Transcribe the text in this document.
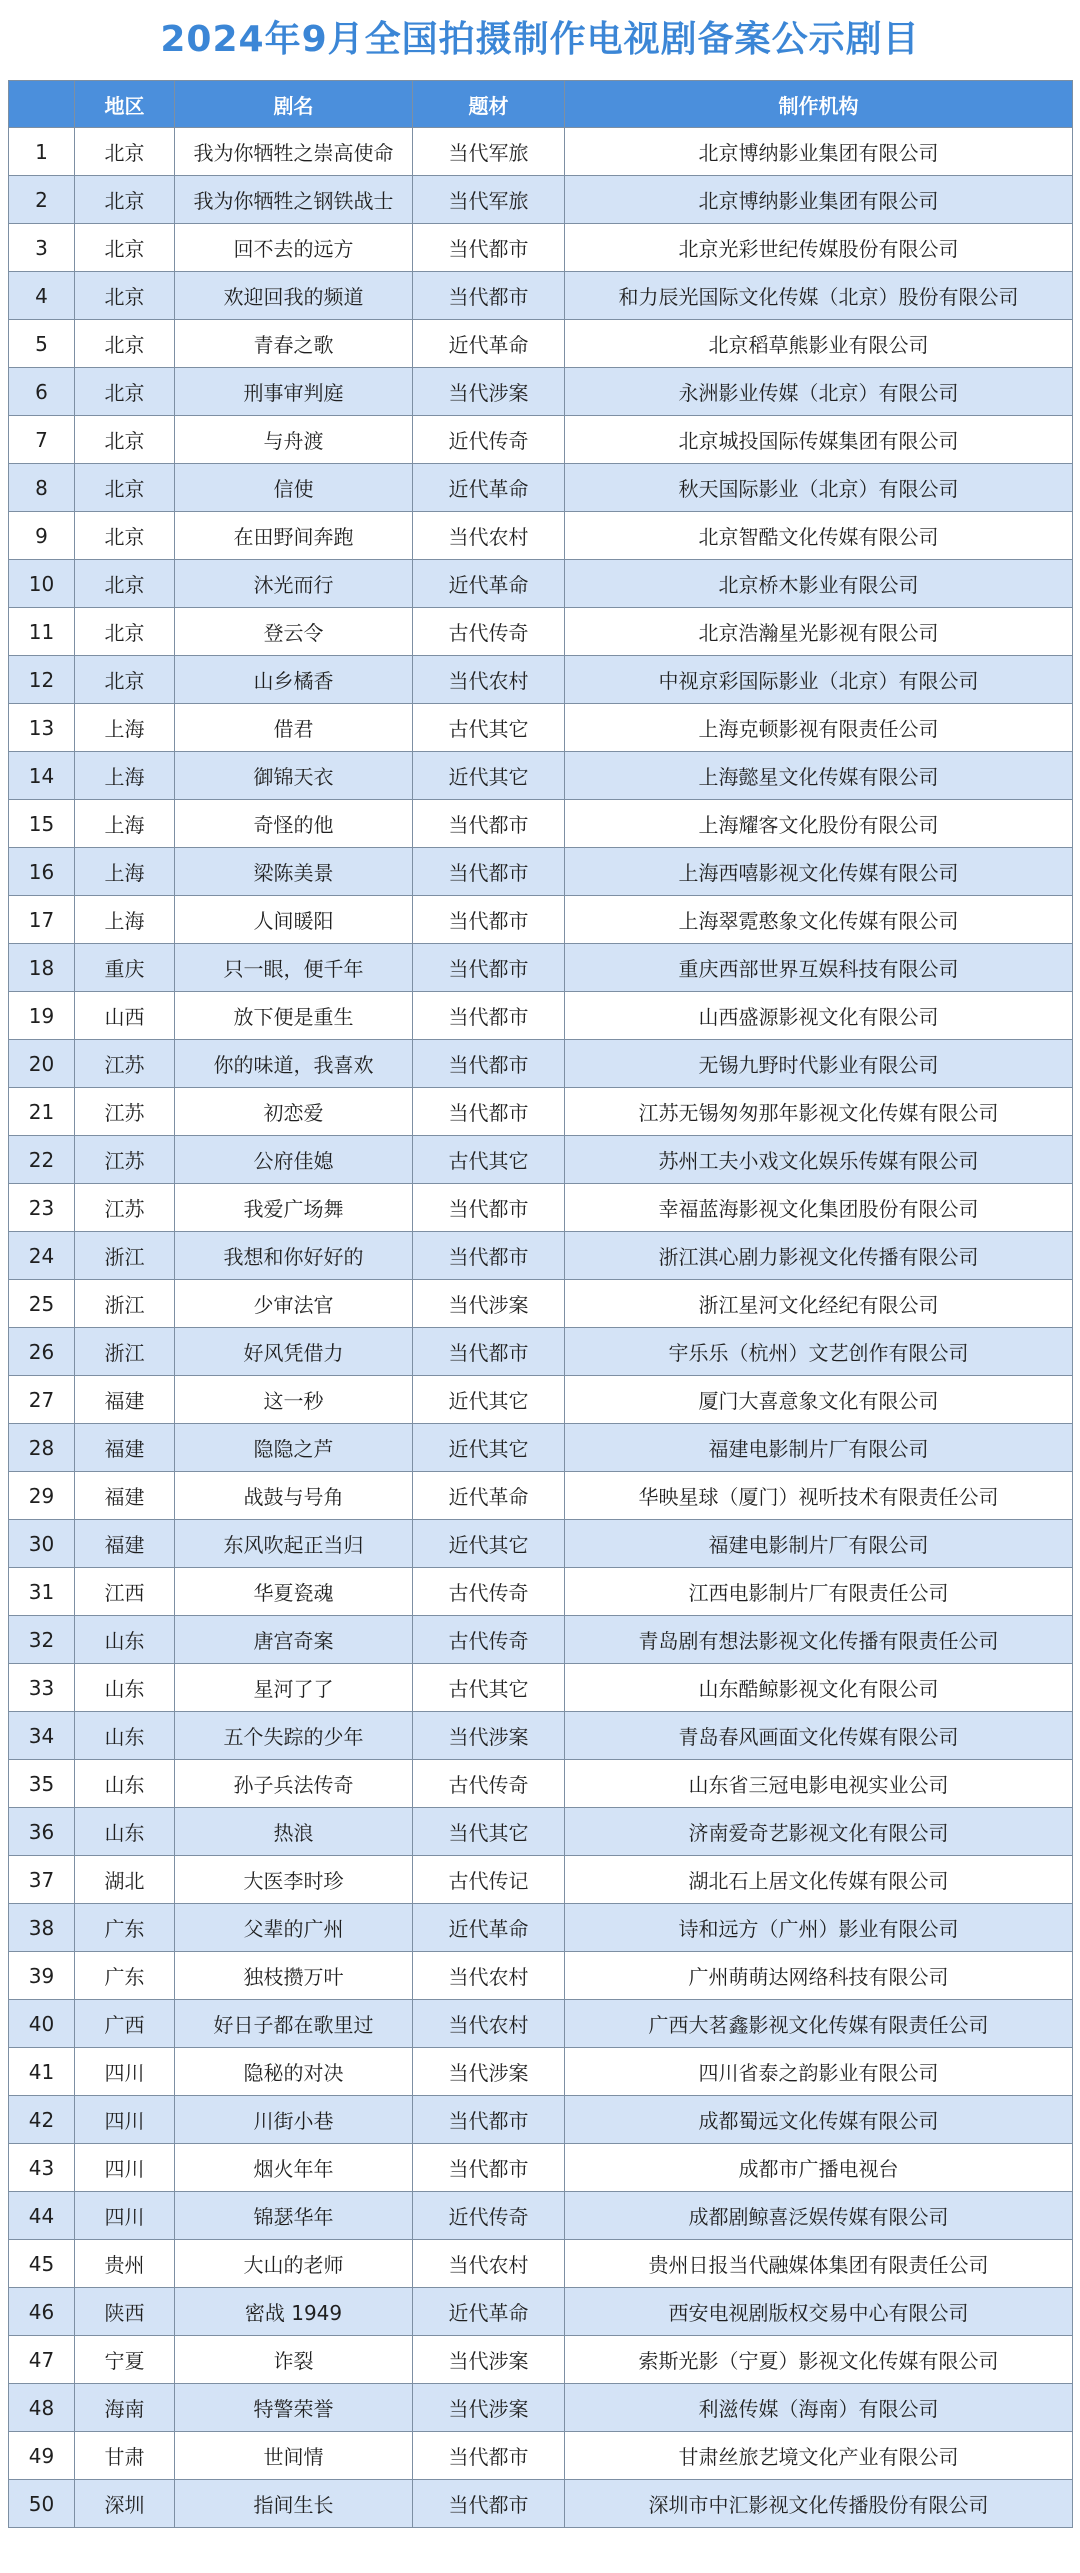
2024年9月全国拍摄制作电视剧备案公示剧目
	地区	剧名	题材	制作机构
1	北京	我为你牺牲之崇高使命	当代军旅	北京博纳影业集团有限公司
2	北京	我为你牺牲之钢铁战士	当代军旅	北京博纳影业集团有限公司
3	北京	回不去的远方	当代都市	北京光彩世纪传媒股份有限公司
4	北京	欢迎回我的频道	当代都市	和力辰光国际文化传媒（北京）股份有限公司
5	北京	青春之歌	近代革命	北京稻草熊影业有限公司
6	北京	刑事审判庭	当代涉案	永洲影业传媒（北京）有限公司
7	北京	与舟渡	近代传奇	北京城投国际传媒集团有限公司
8	北京	信使	近代革命	秋天国际影业（北京）有限公司
9	北京	在田野间奔跑	当代农村	北京智酷文化传媒有限公司
10	北京	沐光而行	近代革命	北京桥木影业有限公司
11	北京	登云令	古代传奇	北京浩瀚星光影视有限公司
12	北京	山乡橘香	当代农村	中视京彩国际影业（北京）有限公司
13	上海	借君	古代其它	上海克顿影视有限责任公司
14	上海	御锦天衣	近代其它	上海懿星文化传媒有限公司
15	上海	奇怪的他	当代都市	上海耀客文化股份有限公司
16	上海	梁陈美景	当代都市	上海西嘻影视文化传媒有限公司
17	上海	人间暖阳	当代都市	上海翠霓憨象文化传媒有限公司
18	重庆	只一眼，便千年	当代都市	重庆西部世界互娱科技有限公司
19	山西	放下便是重生	当代都市	山西盛源影视文化有限公司
20	江苏	你的味道，我喜欢	当代都市	无锡九野时代影业有限公司
21	江苏	初恋爱	当代都市	江苏无锡匆匆那年影视文化传媒有限公司
22	江苏	公府佳媳	古代其它	苏州工夫小戏文化娱乐传媒有限公司
23	江苏	我爱广场舞	当代都市	幸福蓝海影视文化集团股份有限公司
24	浙江	我想和你好好的	当代都市	浙江淇心剧力影视文化传播有限公司
25	浙江	少审法官	当代涉案	浙江星河文化经纪有限公司
26	浙江	好风凭借力	当代都市	宇乐乐（杭州）文艺创作有限公司
27	福建	这一秒	近代其它	厦门大喜意象文化有限公司
28	福建	隐隐之芦	近代其它	福建电影制片厂有限公司
29	福建	战鼓与号角	近代革命	华映星球（厦门）视听技术有限责任公司
30	福建	东风吹起正当归	近代其它	福建电影制片厂有限公司
31	江西	华夏瓷魂	古代传奇	江西电影制片厂有限责任公司
32	山东	唐宫奇案	古代传奇	青岛剧有想法影视文化传播有限责任公司
33	山东	星河了了	古代其它	山东酷鲸影视文化有限公司
34	山东	五个失踪的少年	当代涉案	青岛春风画面文化传媒有限公司
35	山东	孙子兵法传奇	古代传奇	山东省三冠电影电视实业公司
36	山东	热浪	当代其它	济南爱奇艺影视文化有限公司
37	湖北	大医李时珍	古代传记	湖北石上居文化传媒有限公司
38	广东	父辈的广州	近代革命	诗和远方（广州）影业有限公司
39	广东	独枝攒万叶	当代农村	广州萌萌达网络科技有限公司
40	广西	好日子都在歌里过	当代农村	广西大茗鑫影视文化传媒有限责任公司
41	四川	隐秘的对决	当代涉案	四川省泰之韵影业有限公司
42	四川	川街小巷	当代都市	成都蜀远文化传媒有限公司
43	四川	烟火年年	当代都市	成都市广播电视台
44	四川	锦瑟华年	近代传奇	成都剧鲸喜泛娱传媒有限公司
45	贵州	大山的老师	当代农村	贵州日报当代融媒体集团有限责任公司
46	陕西	密战 1949	近代革命	西安电视剧版权交易中心有限公司
47	宁夏	诈裂	当代涉案	索斯光影（宁夏）影视文化传媒有限公司
48	海南	特警荣誉	当代涉案	利滋传媒（海南）有限公司
49	甘肃	世间情	当代都市	甘肃丝旅艺境文化产业有限公司
50	深圳	指间生长	当代都市	深圳市中汇影视文化传播股份有限公司
